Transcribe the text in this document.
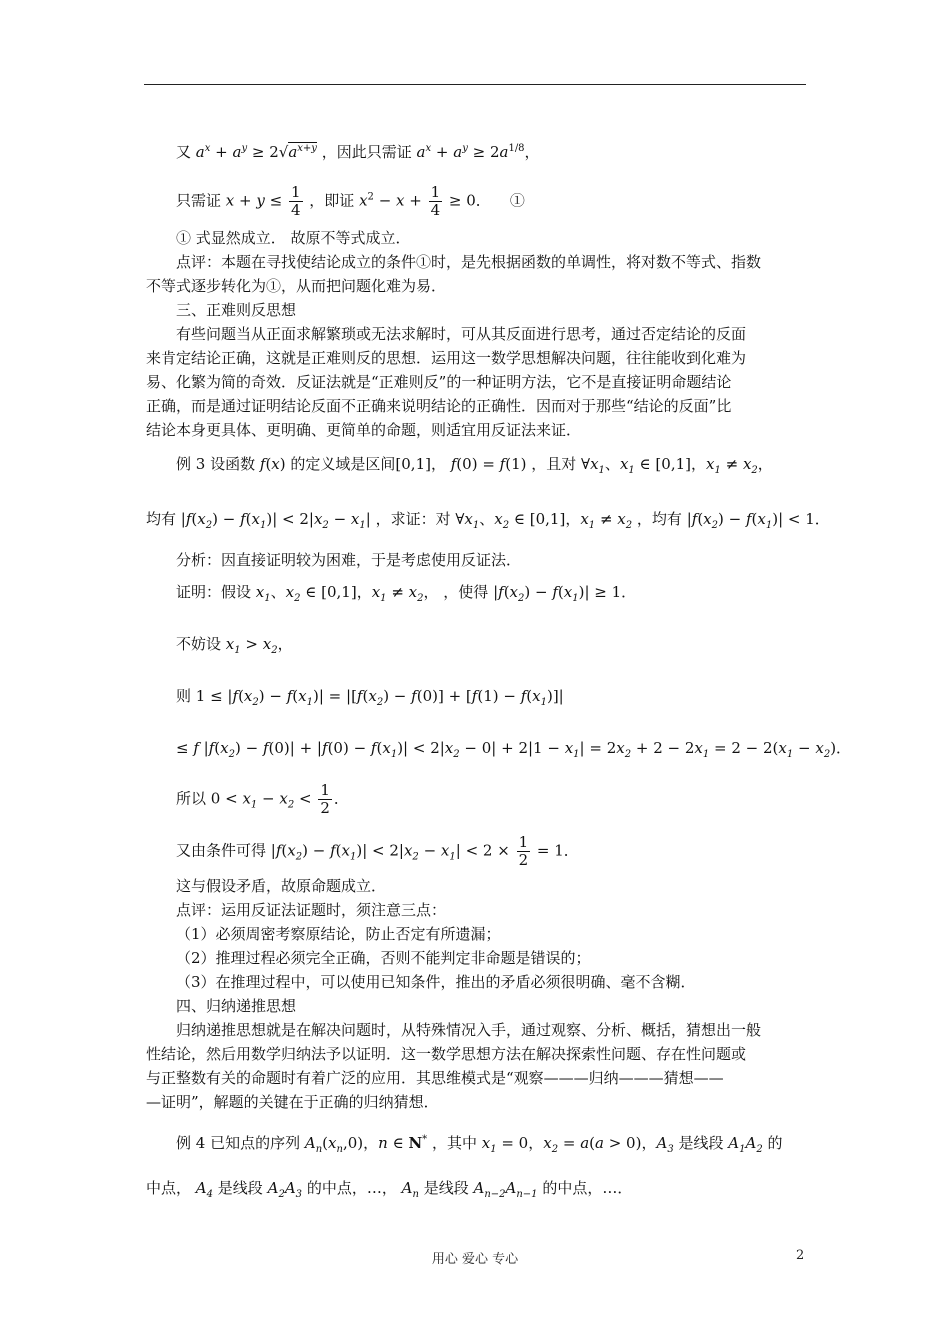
又 $a^x + a^y \ge 2√a^{x+y}$ ，因此只需证 $a^x + a^y \ge 2a^{1/8}$，
只需证 $x + y \le \frac{1}{4}$ ，即证 $x^2 - x + \frac{1}{4} \ge 0$．    ①
① 式显然成立． 故原不等式成立．
点评：本题在寻找使结论成立的条件①时，是先根据函数的单调性，将对数不等式、指数
不等式逐步转化为①，从而把问题化难为易．
三、正难则反思想
有些问题当从正面求解繁琐或无法求解时，可从其反面进行思考，通过否定结论的反面
来肯定结论正确，这就是正难则反的思想．运用这一数学思想解决问题，往往能收到化难为
易、化繁为简的奇效．反证法就是“正难则反”的一种证明方法，它不是直接证明命题结论
正确，而是通过证明结论反面不正确来说明结论的正确性．因而对于那些“结论的反面”比
结论本身更具体、更明确、更简单的命题，则适宜用反证法来证．
例 3 设函数 f(x) 的定义域是区间[0,1]， f(0) = f(1) ，且对 $\forall x_1$、$x_1$ ∈ [0,1]，$x_1 \ne x_2$，
均有 $|f(x_2) - f(x_1)| < 2|x_2 - x_1|$ ，求证：对 $\forall x_1$、$x_2$ ∈ [0,1]，$x_1 \ne x_2$ ，均有 $|f(x_2) - f(x_1)| < 1$．
分析：因直接证明较为困难，于是考虑使用反证法．
证明：假设 $x_1$、$x_2$ ∈ [0,1]，$x_1 \ne x_2$， ，使得 $|f(x_2) - f(x_1)| \ge 1$．
不妨设 $x_1 > x_2$，
则 $1 \le |f(x_2) - f(x_1)| = |[f(x_2) - f(0)] + [f(1) - f(x_1)]|$
≤ f $|f(x_2) - f(0)| + |f(0) - f(x_1)| < 2|x_2 - 0| + 2|1 - x_1| = 2x_2 + 2 - 2x_1 = 2 - 2(x_1 - x_2)$．
所以 $0 < x_1 - x_2 < \frac{1}{2}$ ．
又由条件可得 $|f(x_2) - f(x_1)| < 2|x_2 - x_1| < 2 \times \frac{1}{2} = 1$．
这与假设矛盾，故原命题成立．
点评：运用反证法证题时，须注意三点：
（1）必须周密考察原结论，防止否定有所遗漏；
（2）推理过程必须完全正确，否则不能判定非命题是错误的；
（3）在推理过程中，可以使用已知条件，推出的矛盾必须很明确、毫不含糊．
四、归纳递推思想
归纳递推思想就是在解决问题时，从特殊情况入手，通过观察、分析、概括，猜想出一般
性结论，然后用数学归纳法予以证明．这一数学思想方法在解决探索性问题、存在性问题或
与正整数有关的命题时有着广泛的应用．其思维模式是“观察———归纳———猜想——
—证明”，解题的关键在于正确的归纳猜想．
例 4 已知点的序列 $A_n(x_n,0)$，n ∈ N* ，其中 $x_1 = 0$，$x_2 = a(a > 0)$，$A_3$ 是线段 $A_1A_2$ 的
中点， $A_4$ 是线段 $A_2A_3$ 的中点，…， $A_n$ 是线段 $A_{n-2}A_{n-1}$ 的中点，…．
用心 爱心 专心	2
